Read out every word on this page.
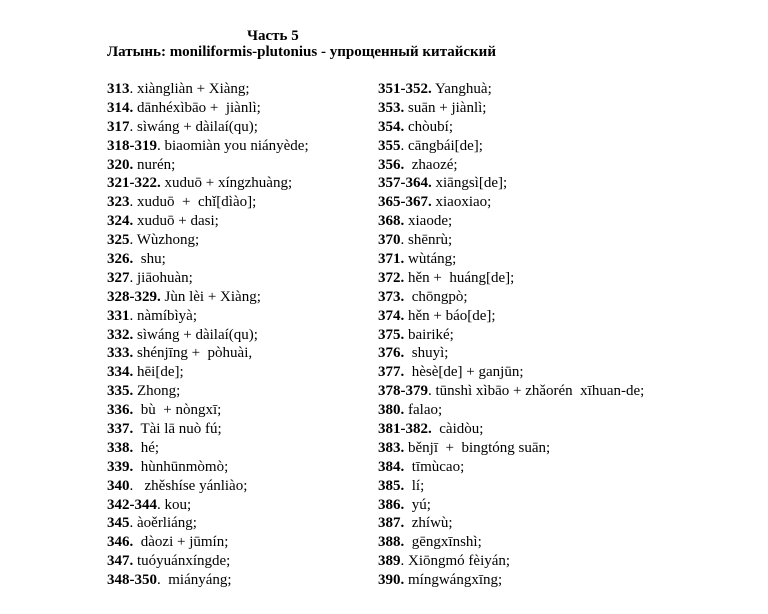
Часть 5
Латынь: moniliformis-plutonius - упрощенный китайский
313. xiàngliàn + Xiàng;
314. dānhéxìbāo +  jiànlì;
317. sìwáng + dàilaí(qu);
318-319. biaomiàn you niányède;
320. nurén;
321-322. xuduō + xíngzhuàng;
323. xuduō  +  chǐ[dìào];
324. xuduō + dasi;
325. Wùzhong;
326.  shu;
327. jiāohuàn;
328-329. Jùn lèi + Xiàng;
331. nàmíbìyà;
332. sìwáng + dàilaí(qu);
333. shénjīng +  pòhuài,
334. hēi[de];
335. Zhong;
336.  bù  + nòngxī;
337.  Tài lā nuò fú;
338.  hé;
339.  hùnhūnmòmò;
340.   zhěshíse yánliào;
342-344. kou;
345. àoěrliáng;
346.  dàozi + jūmín;
347. tuóyuánxíngde;
348-350.  miányáng;
351-352. Yanghuà;
353. suān + jiànlì;
354. chòubí;
355. cāngbái[de];
356.  zhaozé;
357-364. xiāngsì[de];
365-367. xiaoxiao;
368. xiaode;
370. shēnrù;
371. wùtáng;
372. hěn +  huáng[de];
373.  chōngpò;
374. hěn + báo[de];
375. bairiké;
376.  shuyì;
377.  hèsè[de] + ganjūn;
378-379. tūnshì xìbāo + zhǎorén  xīhuan-de;
380. falao;
381-382.  càidòu;
383. běnjī  +  bingtóng suān;
384.  tīmùcao;
385.  lí;
386.  yú;
387.  zhíwù;
388.  gēngxīnshì;
389. Xiōngmó fèiyán;
390. míngwángxīng;
